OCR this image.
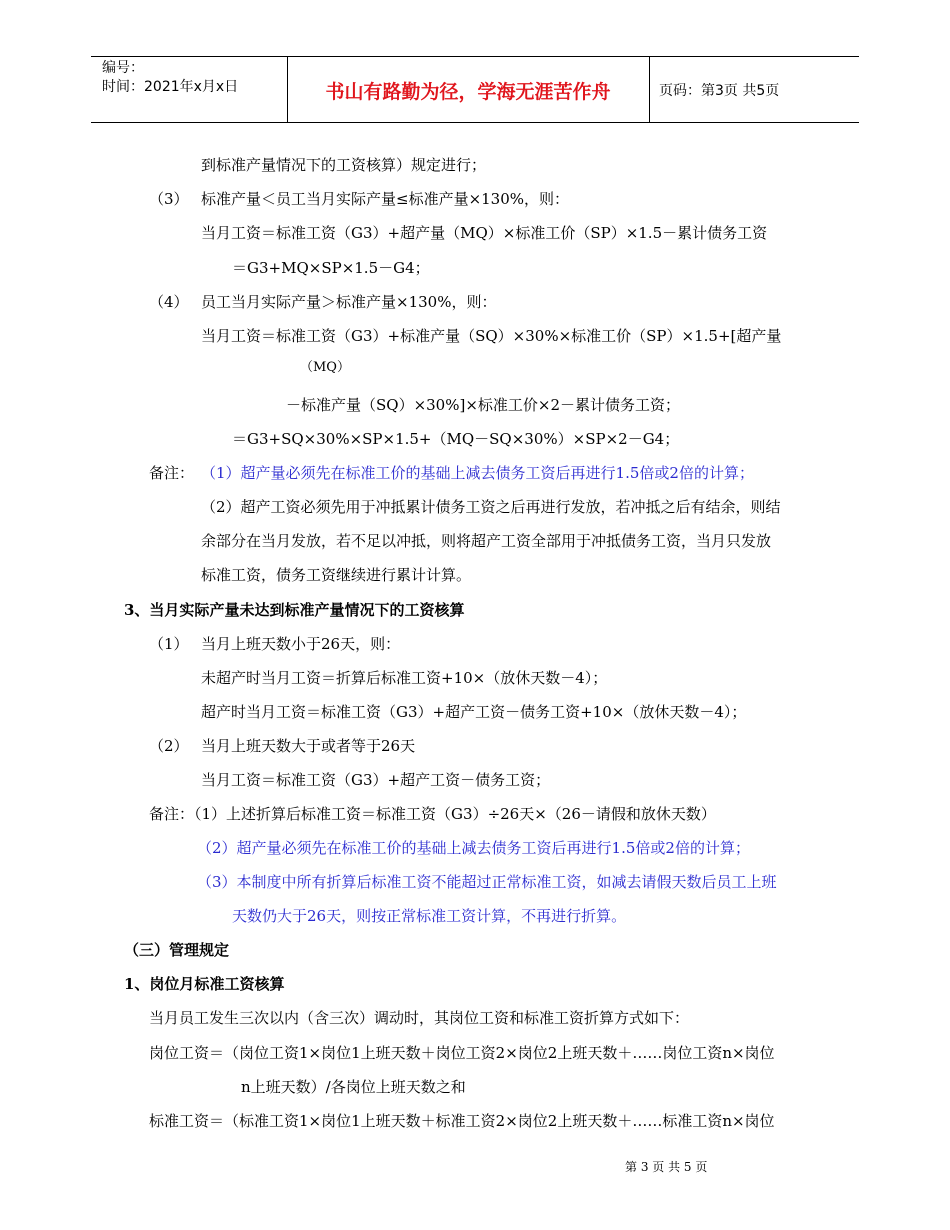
编号：
时间：2021年x月x日	书山有路勤为径，学海无涯苦作舟	页码：第3页 共5页
到标准产量情况下的工资核算）规定进行；
（3） 标准产量＜员工当月实际产量≤标准产量×130%，则：
当月工资＝标准工资（G3）+超产量（MQ）×标准工价（SP）×1.5－累计债务工资
＝G3+MQ×SP×1.5－G4；
（4） 员工当月实际产量＞标准产量×130%，则：
当月工资＝标准工资（G3）+标准产量（SQ）×30%×标准工价（SP）×1.5+[超产量
（MQ）
－标准产量（SQ）×30%]×标准工价×2－累计债务工资；
＝G3+SQ×30%×SP×1.5+（MQ－SQ×30%）×SP×2－G4；
备注： （1）超产量必须先在标准工价的基础上减去债务工资后再进行1.5倍或2倍的计算；
（2）超产工资必须先用于冲抵累计债务工资之后再进行发放，若冲抵之后有结余，则结
余部分在当月发放，若不足以冲抵，则将超产工资全部用于冲抵债务工资，当月只发放
标准工资，债务工资继续进行累计计算。
3、当月实际产量未达到标准产量情况下的工资核算
（1） 当月上班天数小于26天，则：
未超产时当月工资＝折算后标准工资+10×（放休天数－4）；
超产时当月工资＝标准工资（G3）+超产工资－债务工资+10×（放休天数－4）；
（2） 当月上班天数大于或者等于26天
当月工资＝标准工资（G3）+超产工资－债务工资；
备注：（1）上述折算后标准工资＝标准工资（G3）÷26天×（26－请假和放休天数）
（2）超产量必须先在标准工价的基础上减去债务工资后再进行1.5倍或2倍的计算；
（3）本制度中所有折算后标准工资不能超过正常标准工资，如减去请假天数后员工上班
天数仍大于26天，则按正常标准工资计算，不再进行折算。
（三）管理规定
1、岗位月标准工资核算
当月员工发生三次以内（含三次）调动时，其岗位工资和标准工资折算方式如下：
岗位工资＝（岗位工资1×岗位1上班天数＋岗位工资2×岗位2上班天数＋……岗位工资n×岗位
n上班天数）/各岗位上班天数之和
标准工资＝（标准工资1×岗位1上班天数＋标准工资2×岗位2上班天数＋……标准工资n×岗位
第 3 页 共 5 页
